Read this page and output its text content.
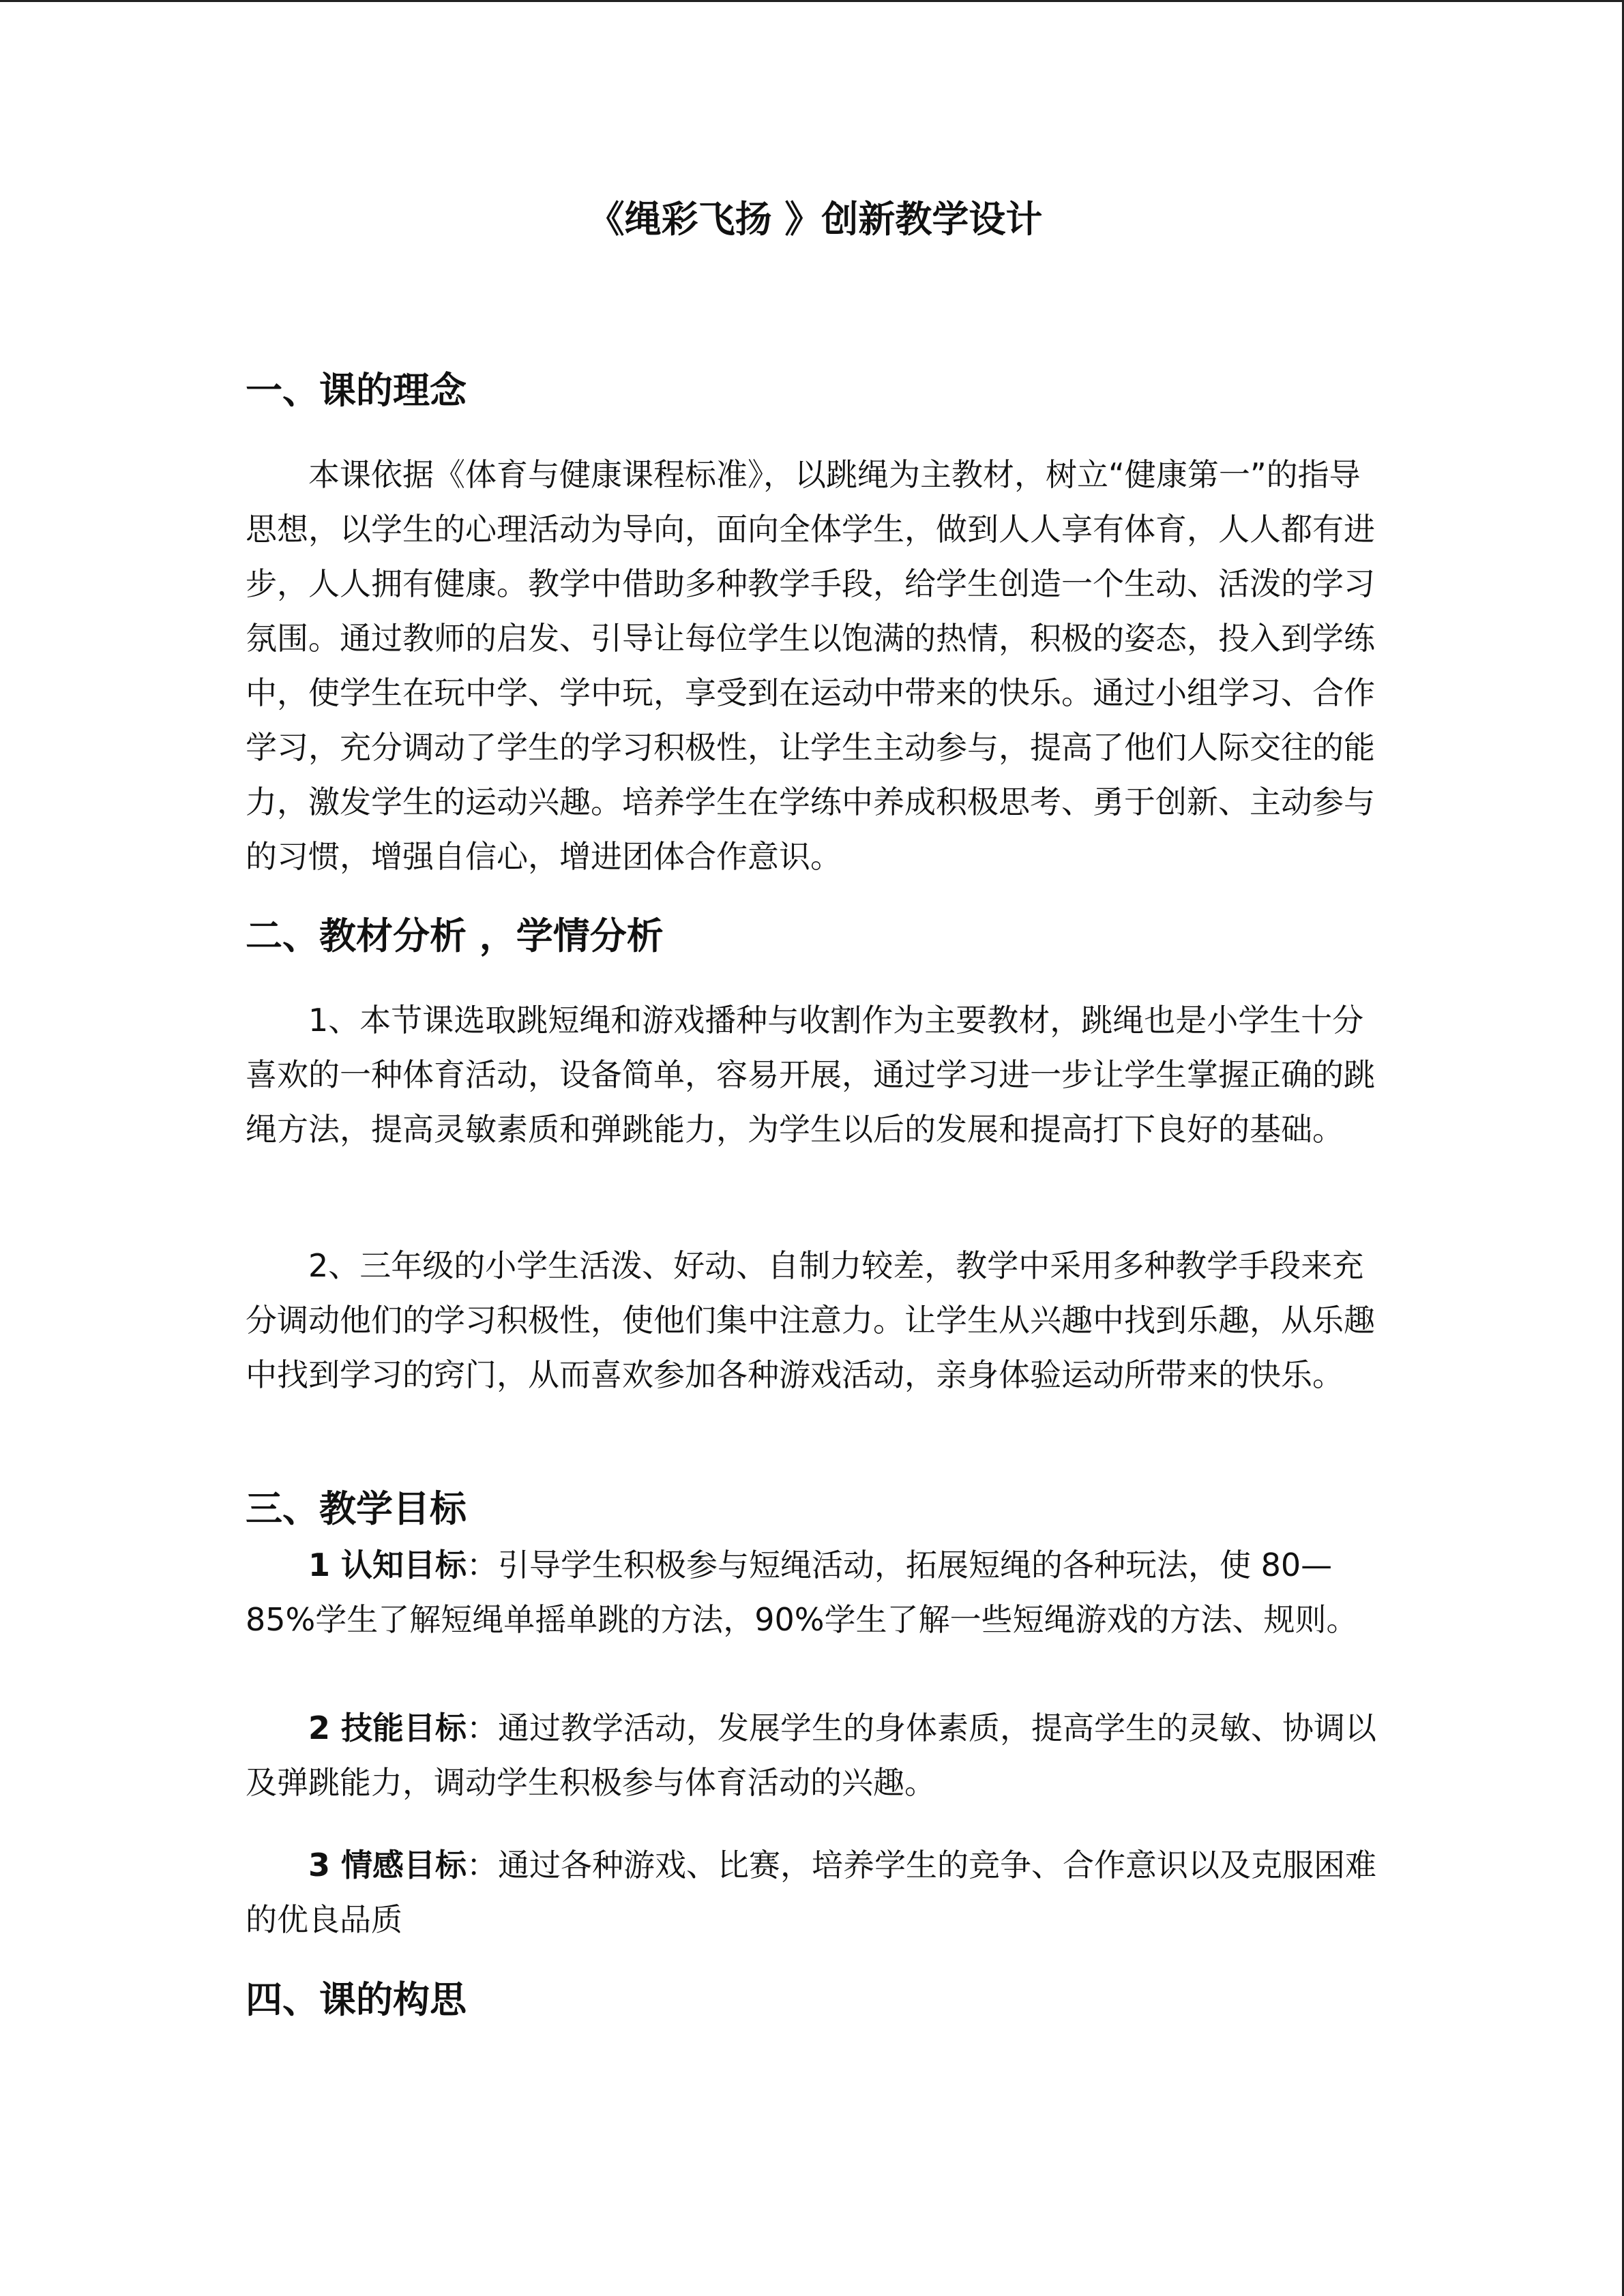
《绳彩飞扬 》创新教学设计
一、课的理念

本课依据《体育与健康课程标准》，以跳绳为主教材，树立“健康第一”的指导思想，以学生的心理活动为导向，面向全体学生，做到人人享有体育，人人都有进步，人人拥有健康。教学中借助多种教学手段，给学生创造一个生动、活泼的学习氛围。通过教师的启发、引导让每位学生以饱满的热情，积极的姿态，投入到学练中，使学生在玩中学、学中玩，享受到在运动中带来的快乐。通过小组学习、合作学习，充分调动了学生的学习积极性，让学生主动参与，提高了他们人际交往的能力，激发学生的运动兴趣。培养学生在学练中养成积极思考、勇于创新、主动参与的习惯，增强自信心，增进团体合作意识。

二、教材分析 ，学情分析

1、本节课选取跳短绳和游戏播种与收割作为主要教材，跳绳也是小学生十分喜欢的一种体育活动，设备简单，容易开展，通过学习进一步让学生掌握正确的跳绳方法，提高灵敏素质和弹跳能力，为学生以后的发展和提高打下良好的基础。

2、三年级的小学生活泼、好动、自制力较差，教学中采用多种教学手段来充分调动他们的学习积极性，使他们集中注意力。让学生从兴趣中找到乐趣，从乐趣中找到学习的窍门，从而喜欢参加各种游戏活动，亲身体验运动所带来的快乐。

三、教学目标

1 认知目标：引导学生积极参与短绳活动，拓展短绳的各种玩法，使 80—85%学生了解短绳单摇单跳的方法，90%学生了解一些短绳游戏的方法、规则。

2 技能目标：通过教学活动，发展学生的身体素质，提高学生的灵敏、协调以及弹跳能力，调动学生积极参与体育活动的兴趣。

3 情感目标：通过各种游戏、比赛，培养学生的竞争、合作意识以及克服困难的优良品质

四、课的构思
